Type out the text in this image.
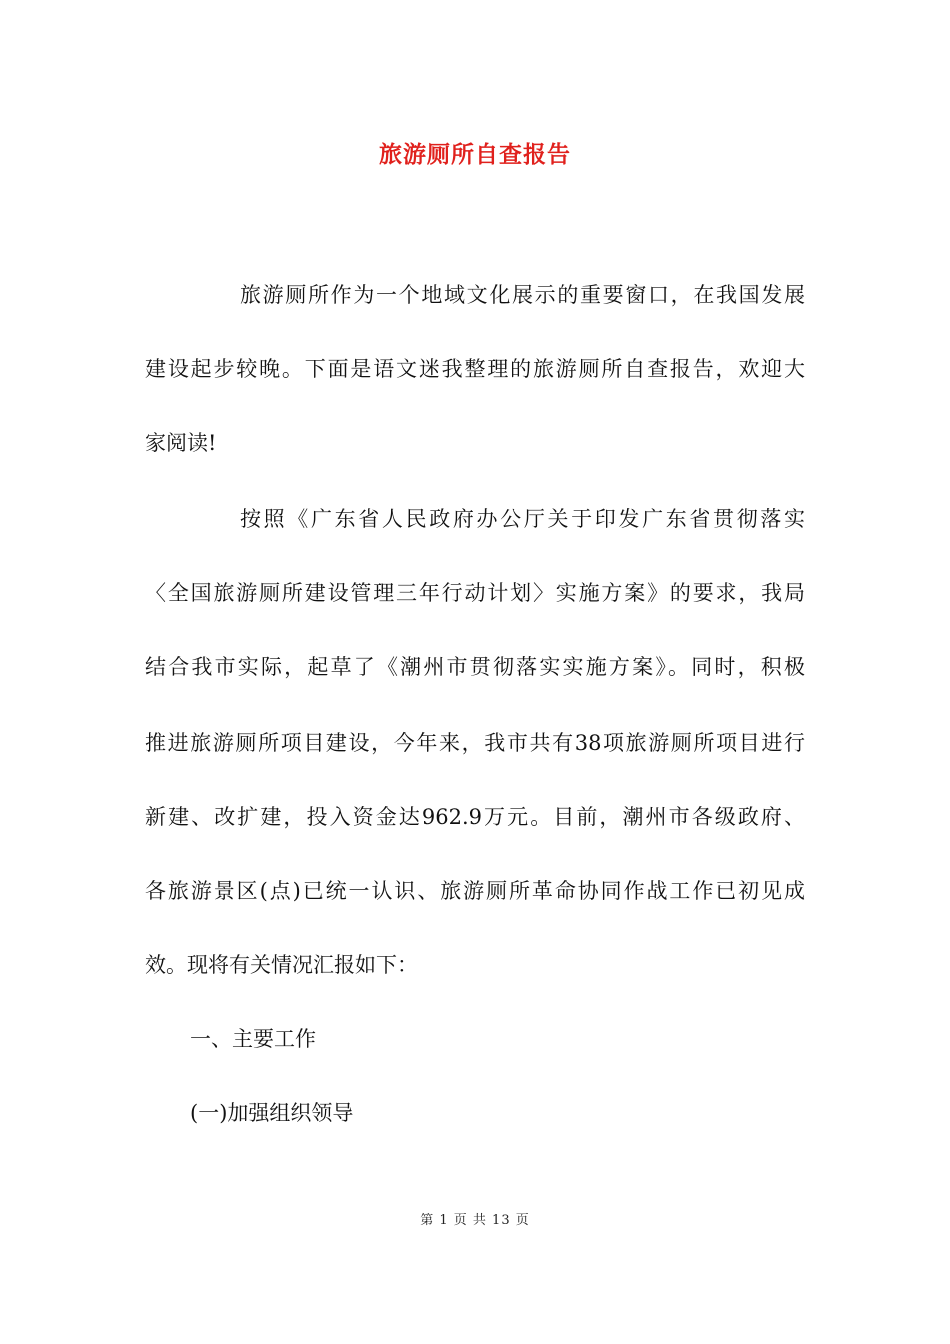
旅游厕所自查报告
旅游厕所作为一个地域文化展示的重要窗口，在我国发展
建设起步较晚。下面是语文迷我整理的旅游厕所自查报告，欢迎大
家阅读!
按照《广东省人民政府办公厅关于印发广东省贯彻落实
〈全国旅游厕所建设管理三年行动计划〉实施方案》的要求，我局
结合我市实际，起草了《潮州市贯彻落实实施方案》。同时，积极
推进旅游厕所项目建设，今年来，我市共有38项旅游厕所项目进行
新建、改扩建，投入资金达962.9万元。目前，潮州市各级政府、
各旅游景区(点)已统一认识、旅游厕所革命协同作战工作已初见成
效。现将有关情况汇报如下：
一、主要工作
(一)加强组织领导
第 1 页 共 13 页
